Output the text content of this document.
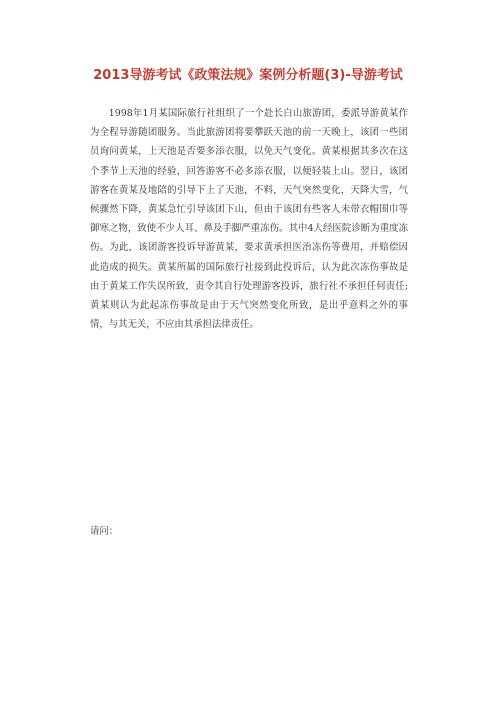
2013导游考试《政策法规》案例分析题(3)-导游考试

1998年1月某国际旅行社组织了一个赴长白山旅游团，委派导游黄某作为全程导游随团服务。当此旅游团将要攀跃天池的前一天晚上，该团一些团员询问黄某，上天池是否要多添衣服，以免天气变化。黄某根据其多次在这个季节上天池的经验，回答游客不必多添衣服，以便轻装上山。翌日，该团游客在黄某及地陪的引导下上了天池，不料，天气突然变化，天降大雪，气候骤然下降，黄某急忙引导该团下山，但由于该团有些客人未带衣帽围巾等御寒之物，致使不少人耳、鼻及手脚严重冻伤。其中4人经医院诊断为重度冻伤。为此，该团游客投诉导游黄某，要求黄承担医治冻伤等费用，并赔偿因此造成的损失。黄某所属的国际旅行社接到此投诉后，认为此次冻伤事故是由于黄某工作失误所致，责令其自行处理游客投诉，旅行社不承担任何责任;黄某则认为此起冻伤事故是由于天气突然变化所致，是出乎意料之外的事情，与其无关，不应由其承担法律责任。

请问：
